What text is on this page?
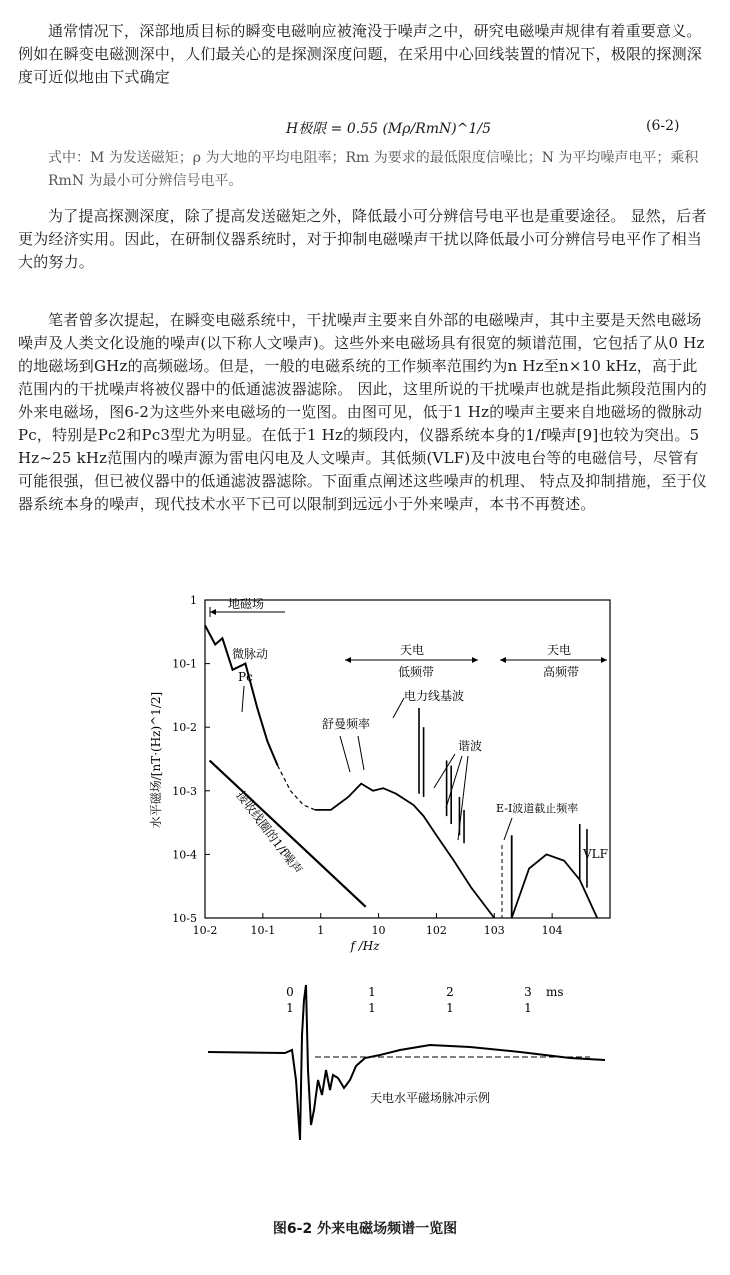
通常情况下，深部地质目标的瞬变电磁响应被淹没于噪声之中，研究电磁噪声规律有着重要意义。例如在瞬变电磁测深中，人们最关心的是探测深度问题，在采用中心回线装置的情况下，极限的探测深度可近似地由下式确定

H极限 = 0.55 (Mρ/RmN)^1/5	(6-2)

式中：M 为发送磁矩；ρ 为大地的平均电阻率；Rm 为要求的最低限度信噪比；N 为平均噪声电平；乘积 RmN 为最小可分辨信号电平。

为了提高探测深度，除了提高发送磁矩之外，降低最小可分辨信号电平也是重要途径。 显然，后者更为经济实用。因此，在研制仪器系统时，对于抑制电磁噪声干扰以降低最小可分辨信号电平作了相当大的努力。

笔者曾多次提起，在瞬变电磁系统中，干扰噪声主要来自外部的电磁噪声，其中主要是天然电磁场噪声及人类文化设施的噪声(以下称人文噪声)。这些外来电磁场具有很宽的频谱范围，它包括了从0 Hz的地磁场到GHz的高频磁场。但是，一般的电磁系统的工作频率范围约为n Hz至n×10 kHz，高于此范围内的干扰噪声将被仪器中的低通滤波器滤除。 因此，这里所说的干扰噪声也就是指此频段范围内的外来电磁场，图6-2为这些外来电磁场的一览图。由图可见，低于1 Hz的噪声主要来自地磁场的微脉动Pc，特别是Pc2和Pc3型尤为明显。在低于1 Hz的频段内，仪器系统本身的1/f噪声[9]也较为突出。5 Hz~25 kHz范围内的噪声源为雷电闪电及人文噪声。其低频(VLF)及中波电台等的电磁信号，尽管有可能很强，但已被仪器中的低通滤波器滤除。下面重点阐述这些噪声的机理、 特点及抑制措施，至于仪器系统本身的噪声，现代技术水平下已可以限制到远远小于外来噪声，本书不再赘述。

10-2	10-1	1	10	102	103	104
1
10-1
10-2
10-3
10-4
10-5
水平磁场/[nT·(Hz)^1/2]
f /Hz
地磁场
天电
低频带
天电
高频带
微脉动
Pc
电力线基波
舒曼频率
谐波
E-I波道截止频率
VLF
接收线圈的1/f噪声
0
1
1
1
2
1
3
1
ms
天电水平磁场脉冲示例
图6-2 外来电磁场频谱一览图
